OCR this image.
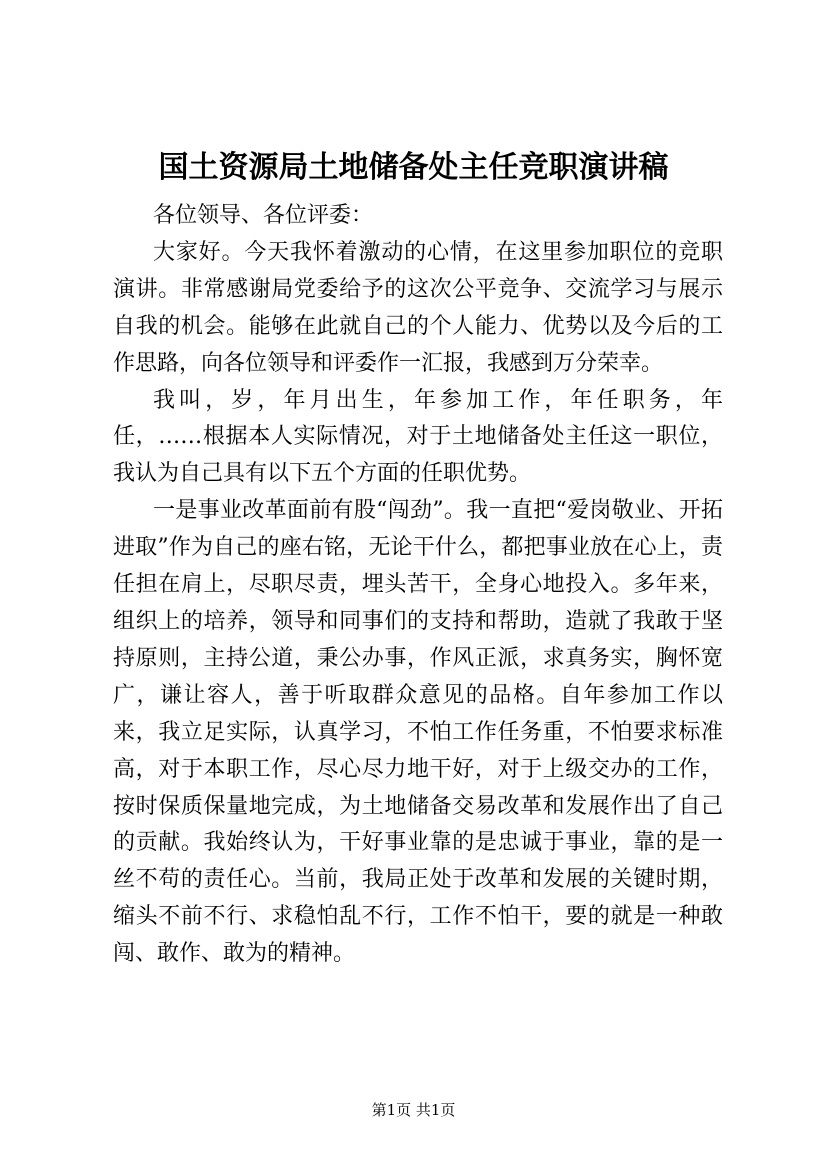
国土资源局土地储备处主任竞职演讲稿

各位领导、各位评委：

大家好。今天我怀着激动的心情，在这里参加职位的竞职演讲。非常感谢局党委给予的这次公平竞争、交流学习与展示自我的机会。能够在此就自己的个人能力、优势以及今后的工作思路，向各位领导和评委作一汇报，我感到万分荣幸。

我叫，岁，年月出生，年参加工作，年任职务，年任，……根据本人实际情况，对于土地储备处主任这一职位，我认为自己具有以下五个方面的任职优势。

一是事业改革面前有股“闯劲”。我一直把“爱岗敬业、开拓进取”作为自己的座右铭，无论干什么，都把事业放在心上，责任担在肩上，尽职尽责，埋头苦干，全身心地投入。多年来，组织上的培养，领导和同事们的支持和帮助，造就了我敢于坚持原则，主持公道，秉公办事，作风正派，求真务实，胸怀宽广，谦让容人，善于听取群众意见的品格。自年参加工作以来，我立足实际，认真学习，不怕工作任务重，不怕要求标准高，对于本职工作，尽心尽力地干好，对于上级交办的工作，按时保质保量地完成，为土地储备交易改革和发展作出了自己的贡献。我始终认为，干好事业靠的是忠诚于事业，靠的是一丝不苟的责任心。当前，我局正处于改革和发展的关键时期，缩头不前不行、求稳怕乱不行，工作不怕干，要的就是一种敢闯、敢作、敢为的精神。

第1页 共1页
